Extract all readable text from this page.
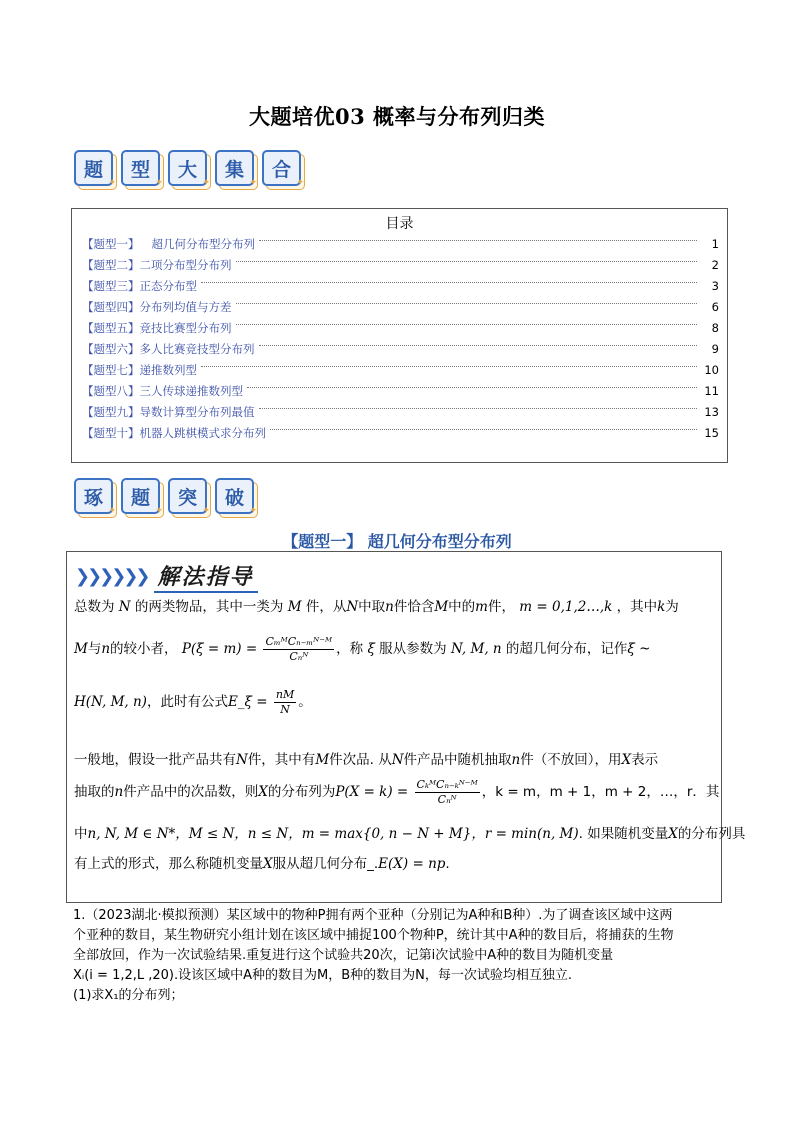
大题培优03 概率与分布列归类
题
✦
型
✦
大
✦
集
✦
合
✦
目录
【题型一】 超几何分布型分布列	1
【题型二】 二项分布型分布列	2
【题型三】 正态分布型	3
【题型四】 分布列均值与方差	6
【题型五】 竞技比赛型分布列	8
【题型六】 多人比赛竞技型分布列	9
【题型七】 递推数列型	10
【题型八】 三人传球递推数列型	11
【题型九】 导数计算型分布列最值	13
【题型十】 机器人跳棋模式求分布列	15
琢
✦
题
✦
突
✦
破
✦
【题型一】 超几何分布型分布列
❯❯❯❯❯❯ 解法指导
总数为 N 的两类物品，其中一类为 M 件，从N中取n件恰含M中的m件， m = 0,1,2…,k ，其中k为
M与n的较小者， $P(\xi = m) = \frac{\text{CₘᴹCₙ₋ₘᴺ⁻ᴹ}}{\text{Cₙᴺ}}$ ，称 ξ 服从参数为 N, M, n 的超几何分布，记作ξ ~
H(N, M, n)，此时有公式E_ξ = $\frac{nM}{N}$ 。
一般地，假设一批产品共有N件，其中有M件次品. 从N件产品中随机抽取n件（不放回），用X表示
抽取的n件产品中的次品数，则X的分布列为$P(X = k) = \frac{\text{CₖᴹCₙ₋ₖᴺ⁻ᴹ}}{\text{Cₙᴺ}}$ ，k = m，m + 1，m + 2，…，r．其
中n, N, M ∈ N*，M ≤ N，n ≤ N，m = max{0, n − N + M}，r = min(n, M). 如果随机变量X的分布列具
有上式的形式，那么称随机变量X服从超几何分布_.E(X) = np.
1.（2023湖北·模拟预测）某区域中的物种P拥有两个亚种（分别记为A种和B种）.为了调查该区域中这两
个亚种的数目，某生物研究小组计划在该区域中捕捉100个物种P，统计其中A种的数目后，将捕获的生物
全部放回，作为一次试验结果.重复进行这个试验共20次，记第i次试验中A种的数目为随机变量
Xᵢ(i = 1,2,L ,20).设该区域中A种的数目为M，B种的数目为N，每一次试验均相互独立.
(1)求X₁的分布列；
